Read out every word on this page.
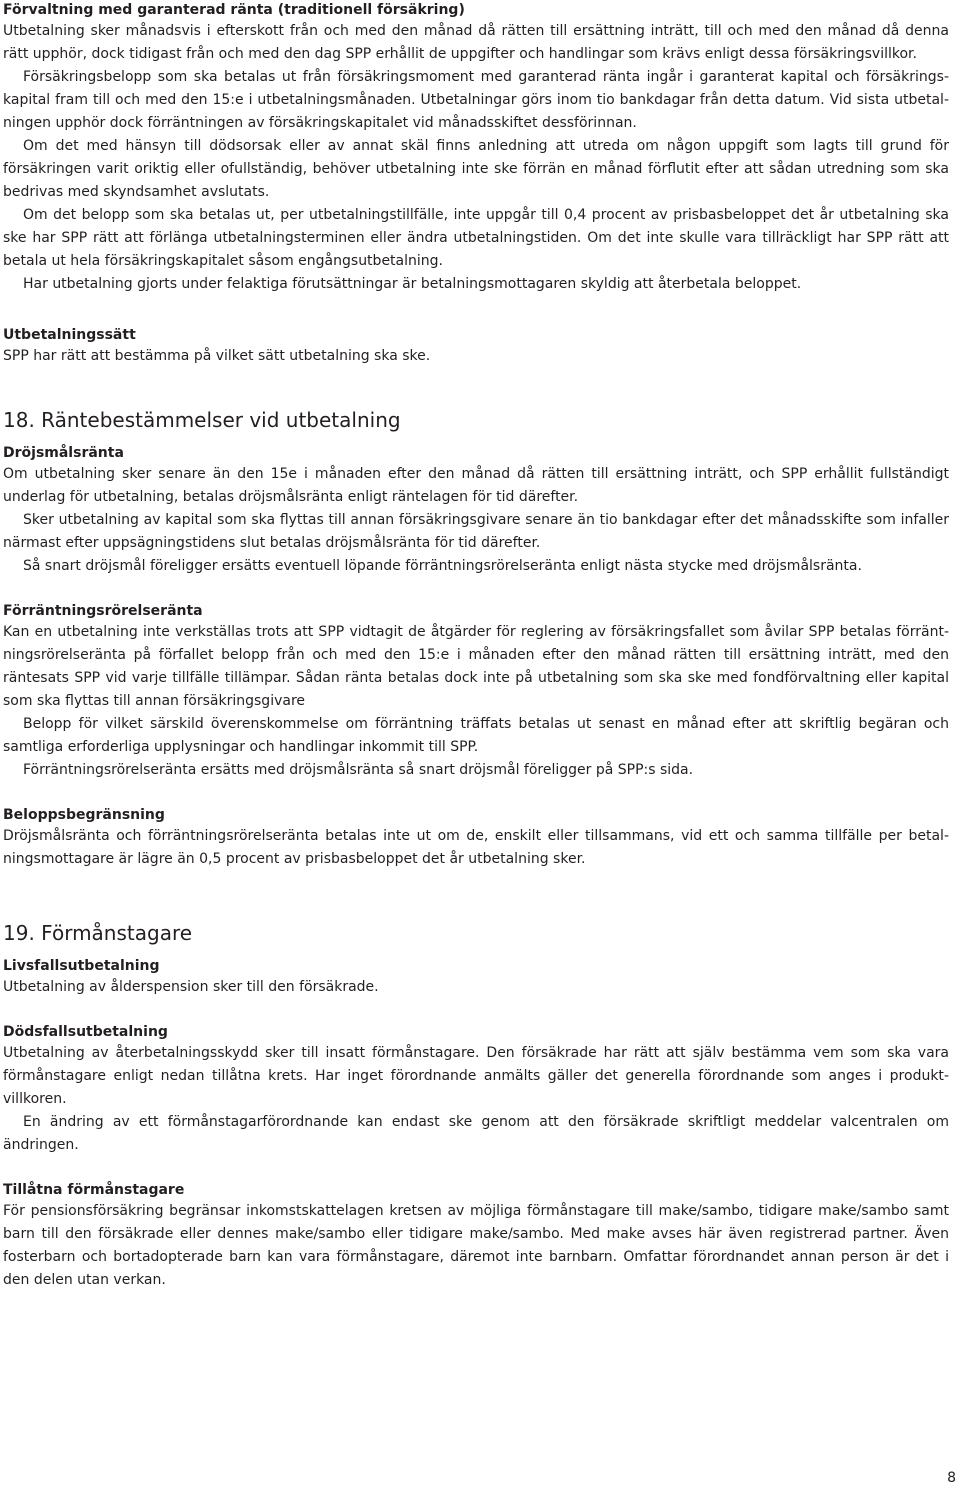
Förvaltning med garanterad ränta (traditionell försäkring)

Utbetalning sker månadsvis i efterskott från och med den månad då rätten till ersättning inträtt, till och med den månad då denna rätt upphör, dock tidigast från och med den dag SPP erhållit de uppgifter och handlingar som krävs enligt dessa försäkringsvillkor.

Försäkringsbelopp som ska betalas ut från försäkringsmoment med garanterad ränta ingår i garanterat kapital och försäkringskapital fram till och med den 15:e i utbetalningsmånaden. Utbetalningar görs inom tio bankdagar från detta datum. Vid sista utbetalningen upphör dock förräntningen av försäkringskapitalet vid månadsskiftet dessförinnan.

Om det med hänsyn till dödsorsak eller av annat skäl finns anledning att utreda om någon uppgift som lagts till grund för försäkringen varit oriktig eller ofullständig, behöver utbetalning inte ske förrän en månad förflutit efter att sådan utredning som ska bedrivas med skyndsamhet avslutats.

Om det belopp som ska betalas ut, per utbetalningstillfälle, inte uppgår till 0,4 procent av prisbasbeloppet det år utbetalning ska ske har SPP rätt att förlänga utbetalningsterminen eller ändra utbetalningstiden. Om det inte skulle vara tillräckligt har SPP rätt att betala ut hela försäkringskapitalet såsom engångsutbetalning.

Har utbetalning gjorts under felaktiga förutsättningar är betalningsmottagaren skyldig att återbetala beloppet.

Utbetalningssätt

SPP har rätt att bestämma på vilket sätt utbetalning ska ske.

18. Räntebestämmelser vid utbetalning

Dröjsmålsränta

Om utbetalning sker senare än den 15e i månaden efter den månad då rätten till ersättning inträtt, och SPP erhållit fullständigt underlag för utbetalning, betalas dröjsmålsränta enligt räntelagen för tid därefter.

Sker utbetalning av kapital som ska flyttas till annan försäkringsgivare senare än tio bankdagar efter det månadsskifte som infaller närmast efter uppsägningstidens slut betalas dröjsmålsränta för tid därefter.

Så snart dröjsmål föreligger ersätts eventuell löpande förräntningsrörelseränta enligt nästa stycke med dröjsmålsränta.

Förräntningsrörelseränta

Kan en utbetalning inte verkställas trots att SPP vidtagit de åtgärder för reglering av försäkringsfallet som åvilar SPP betalas förräntningsrörelseränta på förfallet belopp från och med den 15:e i månaden efter den månad rätten till ersättning inträtt, med den räntesats SPP vid varje tillfälle tillämpar. Sådan ränta betalas dock inte på utbetalning som ska ske med fondförvaltning eller kapital som ska flyttas till annan försäkringsgivare

Belopp för vilket särskild överenskommelse om förräntning träffats betalas ut senast en månad efter att skriftlig begäran och samtliga erforderliga upplysningar och handlingar inkommit till SPP.

Förräntningsrörelseränta ersätts med dröjsmålsränta så snart dröjsmål föreligger på SPP:s sida.

Beloppsbegränsning

Dröjsmålsränta och förräntningsrörelseränta betalas inte ut om de, enskilt eller tillsammans, vid ett och samma tillfälle per betalningsmottagare är lägre än 0,5 procent av prisbasbeloppet det år utbetalning sker.

19. Förmånstagare

Livsfallsutbetalning

Utbetalning av ålderspension sker till den försäkrade.

Dödsfallsutbetalning

Utbetalning av återbetalningsskydd sker till insatt förmånstagare. Den försäkrade har rätt att själv bestämma vem som ska vara förmånstagare enligt nedan tillåtna krets. Har inget förordnande anmälts gäller det generella förordnande som anges i produktvillkoren.

En ändring av ett förmånstagarförordnande kan endast ske genom att den försäkrade skriftligt meddelar valcentralen om ändringen.

Tillåtna förmånstagare

För pensionsförsäkring begränsar inkomstskattelagen kretsen av möjliga förmånstagare till make/sambo, tidigare make/sambo samt barn till den försäkrade eller dennes make/sambo eller tidigare make/sambo. Med make avses här även registrerad partner. Även fosterbarn och bortadopterade barn kan vara förmånstagare, däremot inte barnbarn. Omfattar förordnandet annan person är det i den delen utan verkan.

8
